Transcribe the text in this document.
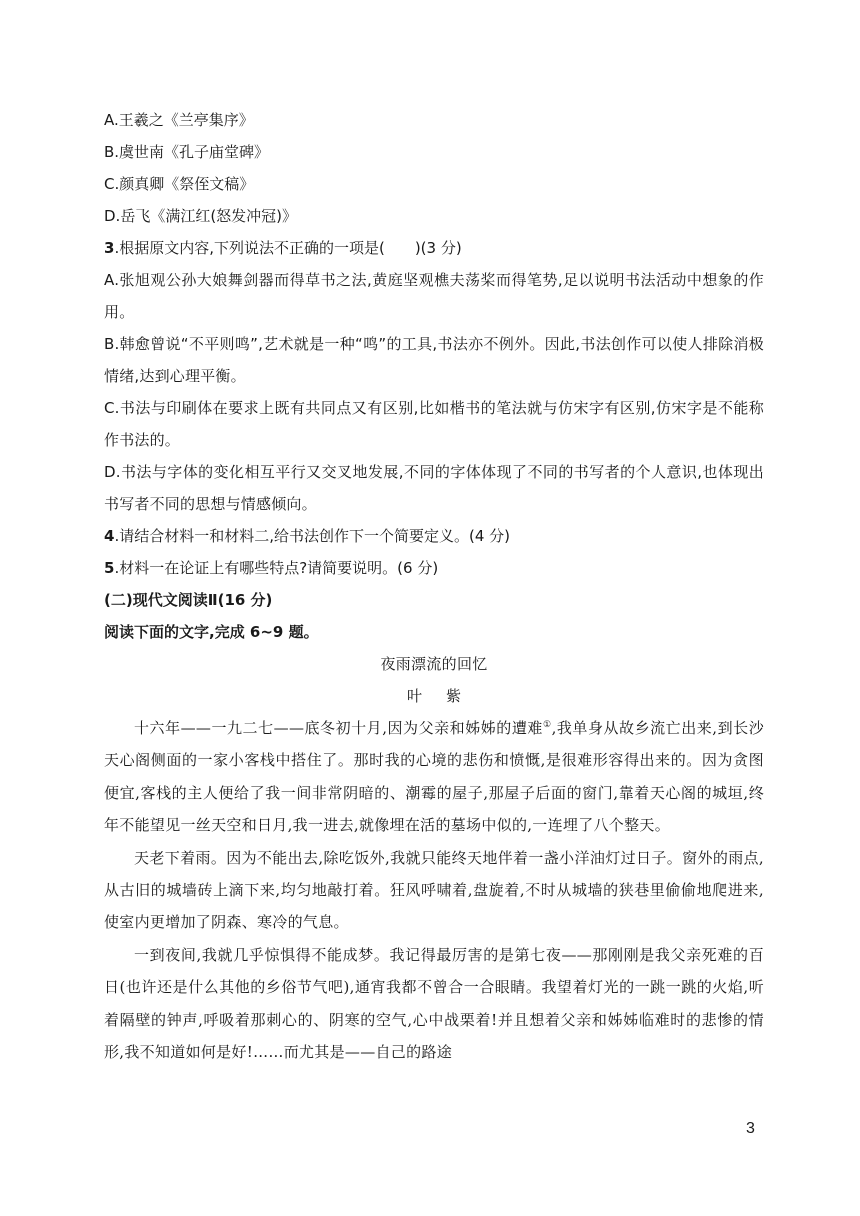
A.王羲之《兰亭集序》
B.虞世南《孔子庙堂碑》
C.颜真卿《祭侄文稿》
D.岳飞《满江红(怒发冲冠)》
3.根据原文内容,下列说法不正确的一项是(　　)(3 分)
A.张旭观公孙大娘舞剑器而得草书之法,黄庭坚观樵夫荡桨而得笔势,足以说明书法活动中想象的作用。
B.韩愈曾说“不平则鸣”,艺术就是一种“鸣”的工具,书法亦不例外。因此,书法创作可以使人排除消极情绪,达到心理平衡。
C.书法与印刷体在要求上既有共同点又有区别,比如楷书的笔法就与仿宋字有区别,仿宋字是不能称作书法的。
D.书法与字体的变化相互平行又交叉地发展,不同的字体体现了不同的书写者的个人意识,也体现出书写者不同的思想与情感倾向。
4.请结合材料一和材料二,给书法创作下一个简要定义。(4 分)
5.材料一在论证上有哪些特点?请简要说明。(6 分)
(二)现代文阅读Ⅱ(16 分)
阅读下面的文字,完成 6~9 题。
夜雨漂流的回忆
叶紫
十六年——一九二七——底冬初十月,因为父亲和姊姊的遭难①,我单身从故乡流亡出来,到长沙天心阁侧面的一家小客栈中搭住了。那时我的心境的悲伤和愤慨,是很难形容得出来的。因为贪图便宜,客栈的主人便给了我一间非常阴暗的、潮霉的屋子,那屋子后面的窗门,靠着天心阁的城垣,终年不能望见一丝天空和日月,我一进去,就像埋在活的墓场中似的,一连埋了八个整天。
天老下着雨。因为不能出去,除吃饭外,我就只能终天地伴着一盏小洋油灯过日子。窗外的雨点,从古旧的城墙砖上滴下来,均匀地敲打着。狂风呼啸着,盘旋着,不时从城墙的狭巷里偷偷地爬进来,使室内更增加了阴森、寒冷的气息。
一到夜间,我就几乎惊惧得不能成梦。我记得最厉害的是第七夜——那刚刚是我父亲死难的百日(也许还是什么其他的乡俗节气吧),通宵我都不曾合一合眼睛。我望着灯光的一跳一跳的火焰,听着隔壁的钟声,呼吸着那刺心的、阴寒的空气,心中战栗着!并且想着父亲和姊姊临难时的悲惨的情形,我不知道如何是好!……而尤其是——自己的路途
3
